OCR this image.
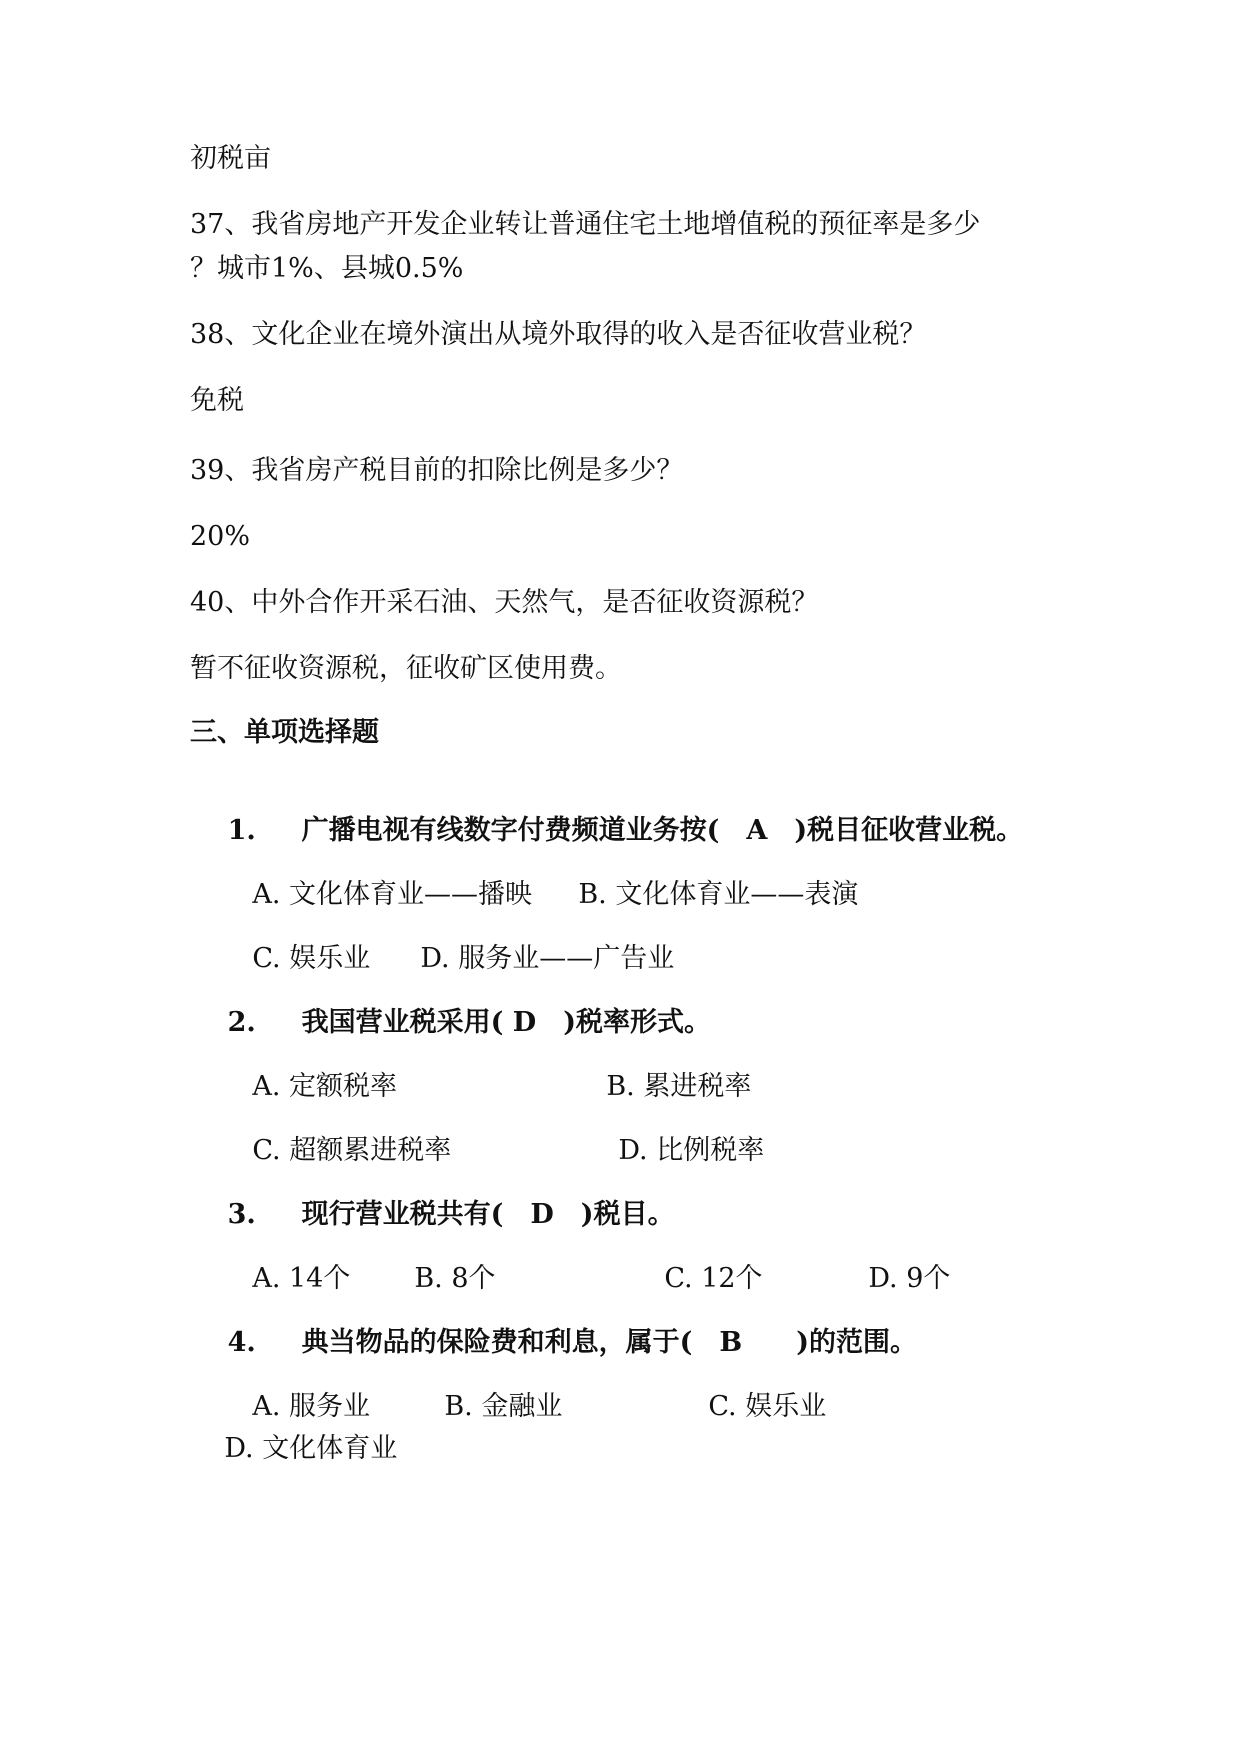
初税亩
37、我省房地产开发企业转让普通住宅土地增值税的预征率是多少
？城市1%、县城0.5%
38、文化企业在境外演出从境外取得的收入是否征收营业税？
免税
39、我省房产税目前的扣除比例是多少？
20%
40、中外合作开采石油、天然气，是否征收资源税？
暂不征收资源税，征收矿区使用费。
三、单项选择题

1. 广播电视有线数字付费频道业务按(　A　)税目征收营业税。

A. 文化体育业——播映 B. 文化体育业——表演

C. 娱乐业 D. 服务业——广告业

2. 我国营业税采用( D　)税率形式。

A. 定额税率	B. 累进税率

C. 超额累进税率	D. 比例税率

3. 现行营业税共有(　D　)税目。

A. 14个 B. 8个	C. 12个	D. 9个

4. 典当物品的保险费和利息，属于(　B　　)的范围。

A. 服务业	B. 金融业	C. 娱乐业

D. 文化体育业
